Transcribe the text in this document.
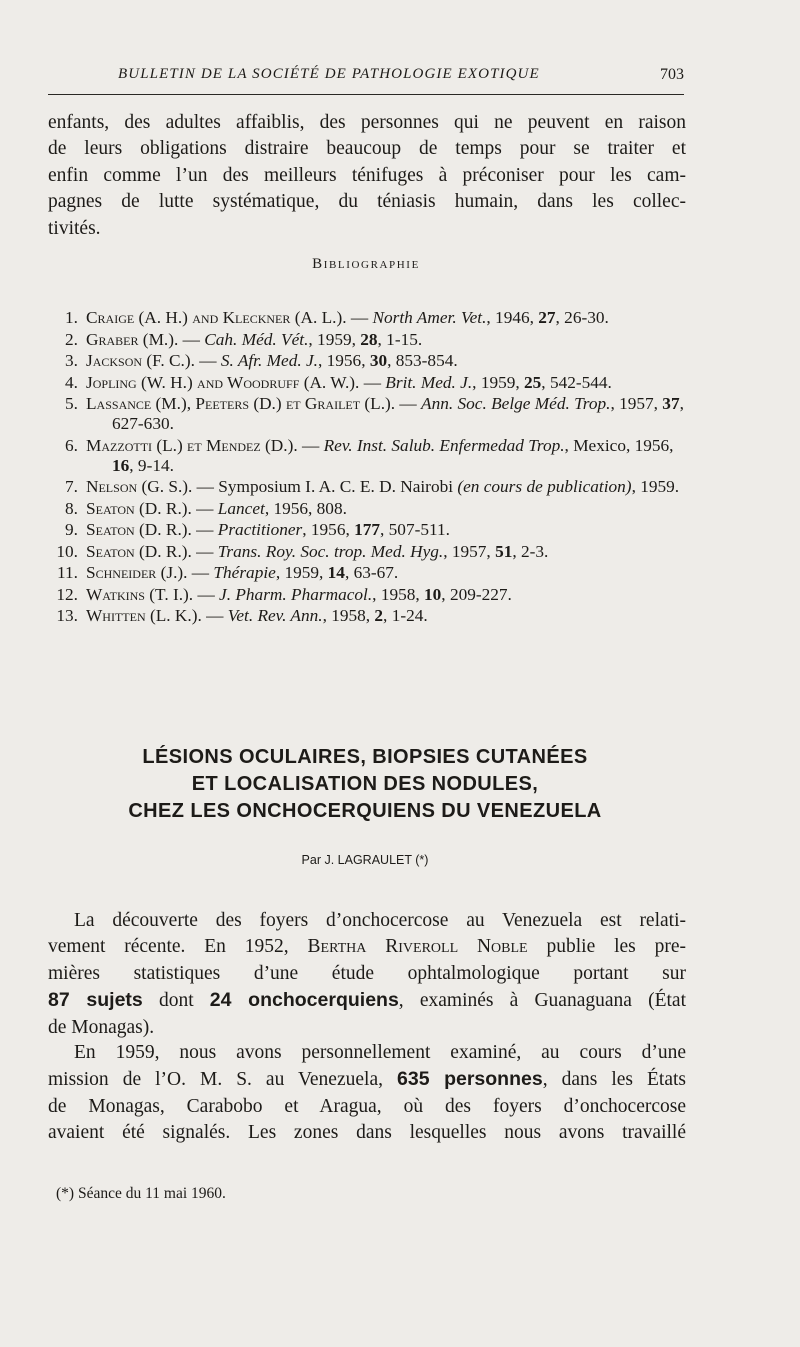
BULLETIN DE LA SOCIÉTÉ DE PATHOLOGIE EXOTIQUE	703
enfants, des adultes affaiblis, des personnes qui ne peuvent en raison
de leurs obligations distraire beaucoup de temps pour se traiter et
enfin comme l’un des meilleurs ténifuges à préconiser pour les cam-
pagnes de lutte systématique, du téniasis humain, dans les collec-
tivités.
Bibliographie
1. Craige (A. H.) and Kleckner (A. L.). — North Amer. Vet., 1946, 27, 26-30.
2. Graber (M.). — Cah. Méd. Vét., 1959, 28, 1-15.
3. Jackson (F. C.). — S. Afr. Med. J., 1956, 30, 853-854.
4. Jopling (W. H.) and Woodruff (A. W.). — Brit. Med. J., 1959, 25, 542-544.
5. Lassance (M.), Peeters (D.) et Grailet (L.). — Ann. Soc. Belge Méd. Trop., 1957, 37, 627-630.
6. Mazzotti (L.) et Mendez (D.). — Rev. Inst. Salub. Enfermedad Trop., Mexico, 1956, 16, 9-14.
7. Nelson (G. S.). — Symposium I. A. C. E. D. Nairobi (en cours de publication), 1959.
8. Seaton (D. R.). — Lancet, 1956, 808.
9. Seaton (D. R.). — Practitioner, 1956, 177, 507-511.
10. Seaton (D. R.). — Trans. Roy. Soc. trop. Med. Hyg., 1957, 51, 2-3.
11. Schneider (J.). — Thérapie, 1959, 14, 63-67.
12. Watkins (T. I.). — J. Pharm. Pharmacol., 1958, 10, 209-227.
13. Whitten (L. K.). — Vet. Rev. Ann., 1958, 2, 1-24.
LÉSIONS OCULAIRES, BIOPSIES CUTANÉES
ET LOCALISATION DES NODULES,
CHEZ LES ONCHOCERQUIENS DU VENEZUELA
Par J. LAGRAULET (*)
La découverte des foyers d’onchocercose au Venezuela est relati-
vement récente. En 1952, Bertha Riveroll Noble publie les pre-
mières statistiques d’une étude ophtalmologique portant sur
87 sujets dont 24 onchocerquiens, examinés à Guanaguana (État
de Monagas).
En 1959, nous avons personnellement examiné, au cours d’une
mission de l’O. M. S. au Venezuela, 635 personnes, dans les États
de Monagas, Carabobo et Aragua, où des foyers d’onchocercose
avaient été signalés. Les zones dans lesquelles nous avons travaillé
(*) Séance du 11 mai 1960.
